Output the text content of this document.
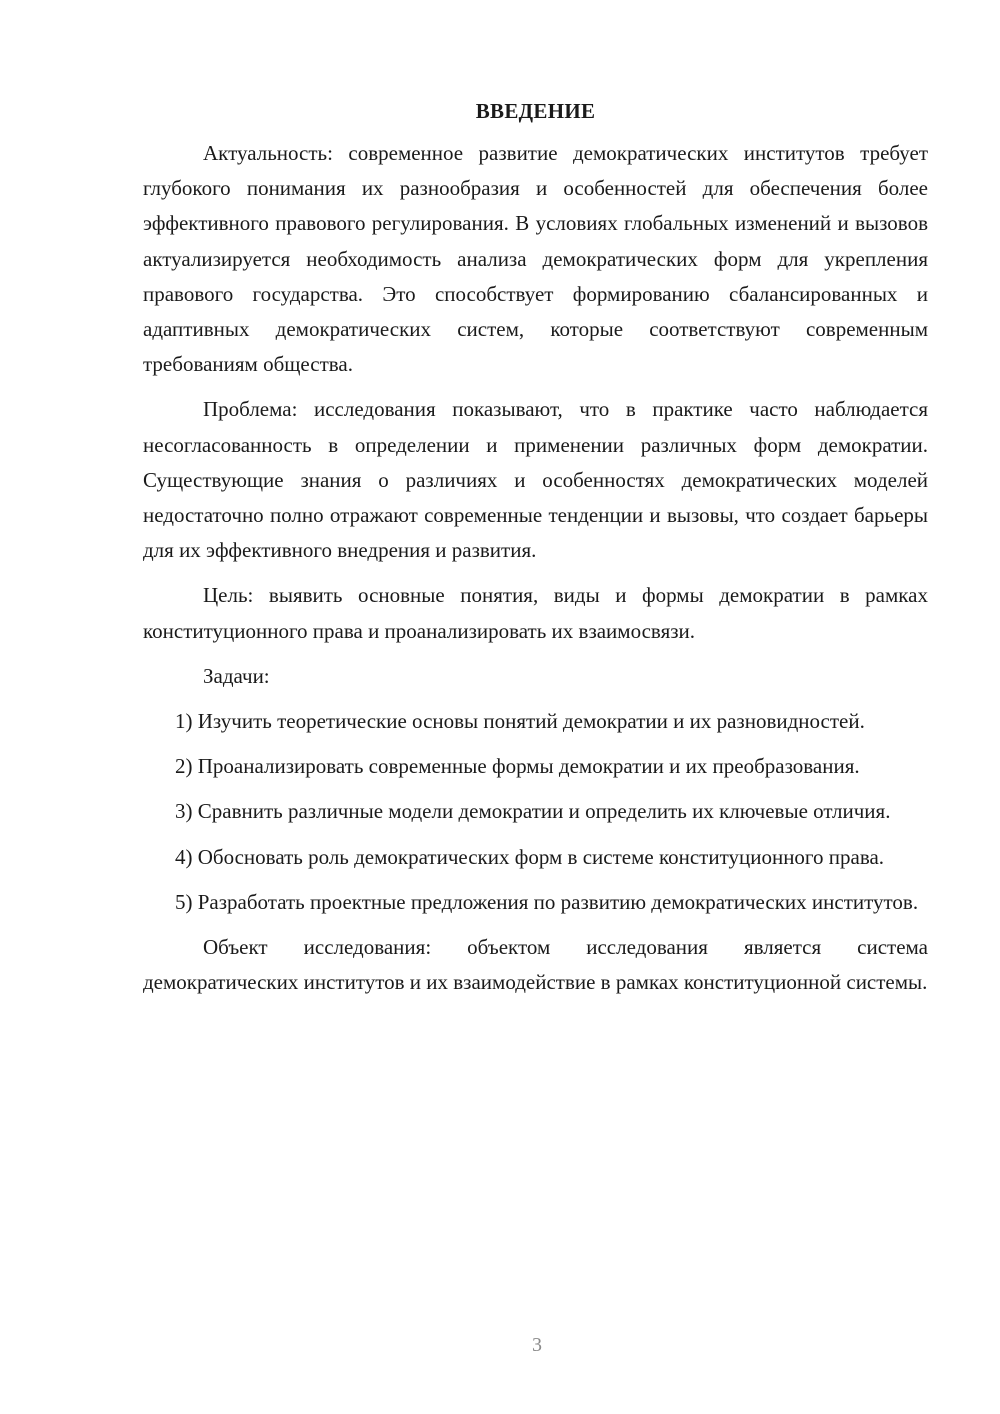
ВВЕДЕНИЕ

Актуальность: современное развитие демократических институтов требует глубокого понимания их разнообразия и особенностей для обеспечения более эффективного правового регулирования. В условиях глобальных изменений и вызовов актуализируется необходимость анализа демократических форм для укрепления правового государства. Это способствует формированию сбалансированных и адаптивных демократических систем, которые соответствуют современным требованиям общества.

Проблема: исследования показывают, что в практике часто наблюдается несогласованность в определении и применении различных форм демократии. Существующие знания о различиях и особенностях демократических моделей недостаточно полно отражают современные тенденции и вызовы, что создает барьеры для их эффективного внедрения и развития.

Цель: выявить основные понятия, виды и формы демократии в рамках конституционного права и проанализировать их взаимосвязи.

Задачи:

1) Изучить теоретические основы понятий демократии и их разновидностей.

2) Проанализировать современные формы демократии и их преобразования.

3) Сравнить различные модели демократии и определить их ключевые отличия.

4) Обосновать роль демократических форм в системе конституционного права.

5) Разработать проектные предложения по развитию демократических институтов.

Объект исследования: объектом исследования является система демократических институтов и их взаимодействие в рамках конституционной системы.

3
